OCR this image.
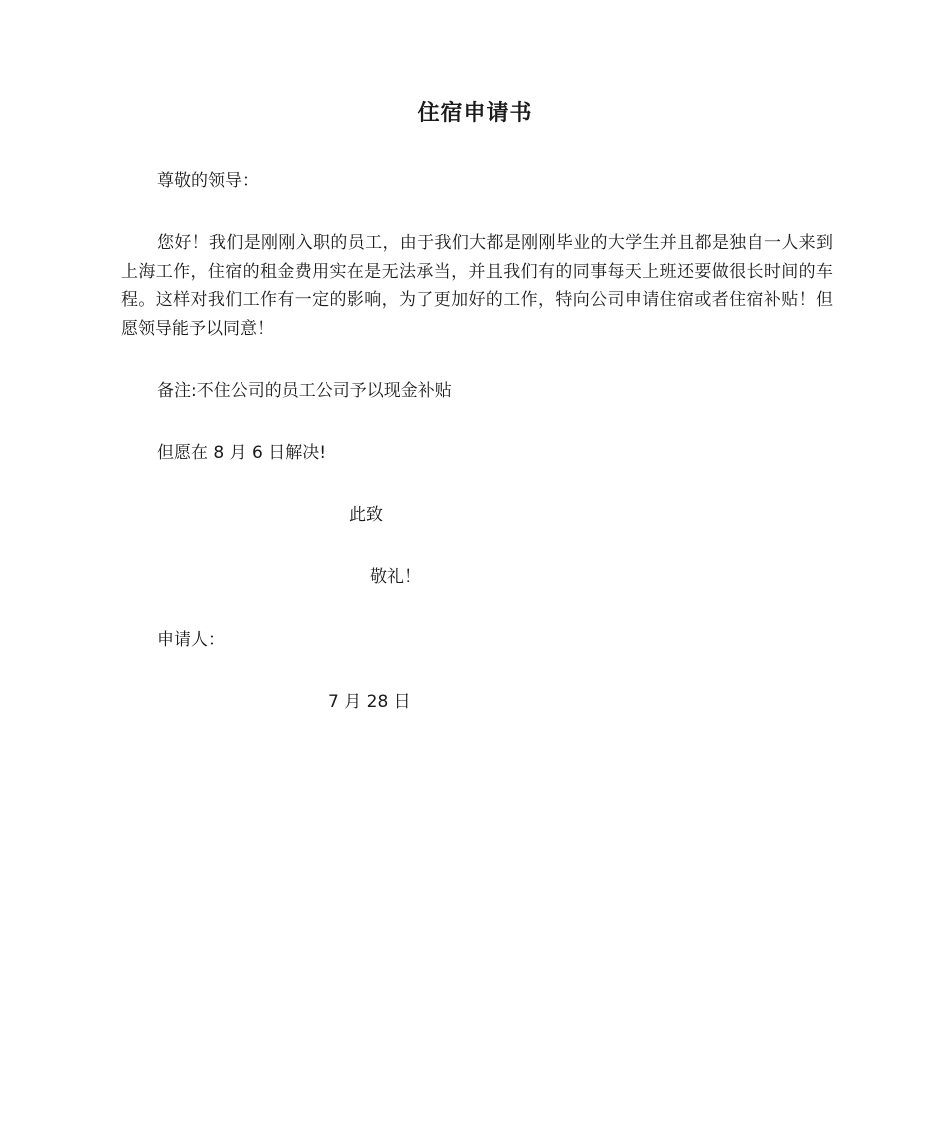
住宿申请书
尊敬的领导：

您好！我们是刚刚入职的员工，由于我们大都是刚刚毕业的大学生并且都是独自一人来到上海工作，住宿的租金费用实在是无法承当，并且我们有的同事每天上班还要做很长时间的车程。这样对我们工作有一定的影响，为了更加好的工作，特向公司申请住宿或者住宿补贴！但愿领导能予以同意！

备注:不住公司的员工公司予以现金补贴
但愿在 8 月 6 日解决!
此致
敬礼！
申请人：
7 月 28 日
